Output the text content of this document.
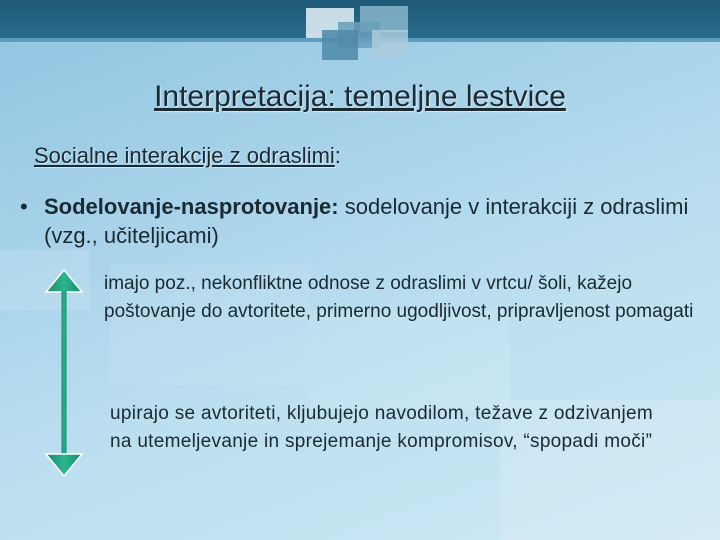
Interpretacija: temeljne lestvice
Socialne interakcije z odraslimi:
• Sodelovanje-nasprotovanje: sodelovanje v interakciji z odraslimi (vzg., učiteljicami)
imajo poz., nekonfliktne odnose z odraslimi v vrtcu/ šoli, kažejo poštovanje do avtoritete, primerno ugodljivost, pripravljenost pomagati
upirajo se avtoriteti, kljubujejo navodilom, težave z odzivanjem na utemeljevanje in sprejemanje kompromisov, “spopadi moči”
